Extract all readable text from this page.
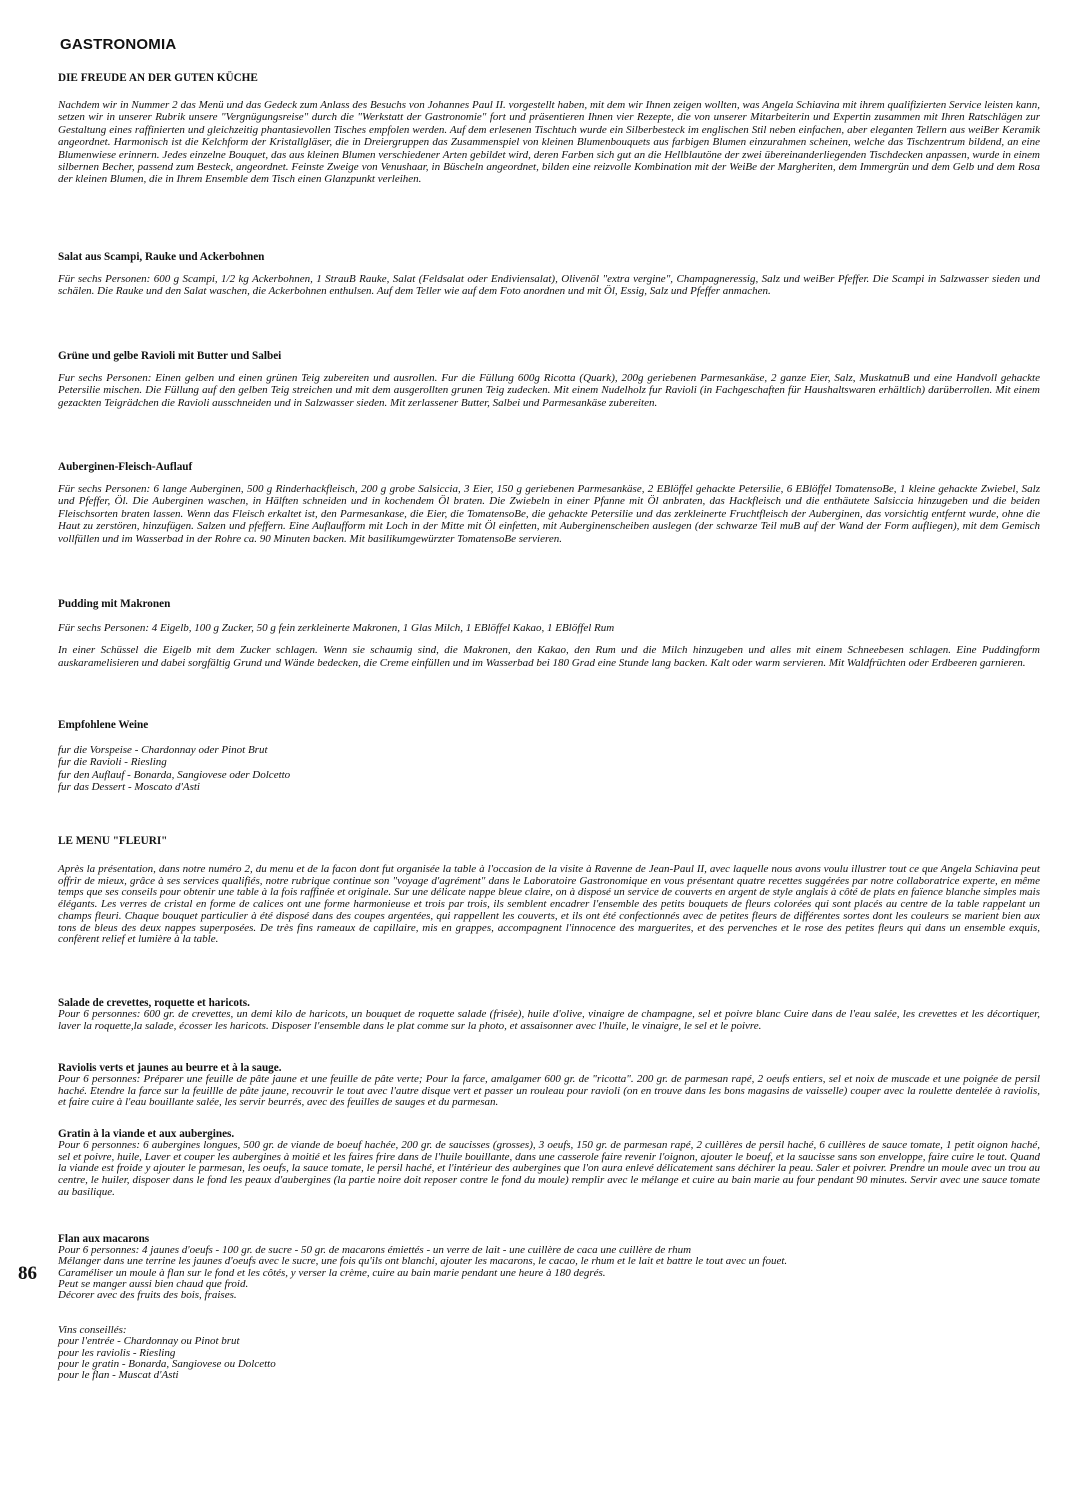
GASTRONOMIA
86
DIE FREUDE AN DER GUTEN KÜCHE

Nachdem wir in Nummer 2 das Menü und das Gedeck zum Anlass des Besuchs von Johannes Paul II. vorgestellt haben, mit dem wir Ihnen zeigen wollten, was Angela Schiavina mit ihrem qualifizierten Service leisten kann, setzen wir in unserer Rubrik unsere "Vergnügungsreise" durch die "Werkstatt der Gastronomie" fort und präsentieren Ihnen vier Rezepte, die von unserer Mitarbeiterin und Expertin zusammen mit Ihren Ratschlägen zur Gestaltung eines raffinierten und gleichzeitig phantasievollen Tisches empfolen werden. Auf dem erlesenen Tischtuch wurde ein Silberbesteck im englischen Stil neben einfachen, aber eleganten Tellern aus weiBer Keramik angeordnet. Harmonisch ist die Kelchform der Kristallgläser, die in Dreiergruppen das Zusammenspiel von kleinen Blumenbouquets aus farbigen Blumen einzurahmen scheinen, welche das Tischzentrum bildend, an eine Blumenwiese erinnern. Jedes einzelne Bouquet, das aus kleinen Blumen verschiedener Arten gebildet wird, deren Farben sich gut an die Hellblautöne der zwei übereinanderliegenden Tischdecken anpassen, wurde in einem silbernen Becher, passend zum Besteck, angeordnet. Feinste Zweige von Venushaar, in Büscheln angeordnet, bilden eine reizvolle Kombination mit der WeiBe der Margheriten, dem Immergrün und dem Gelb und dem Rosa der kleinen Blumen, die in Ihrem Ensemble dem Tisch einen Glanzpunkt verleihen.

Salat aus Scampi, Rauke und Ackerbohnen

Für sechs Personen: 600 g Scampi, 1/2 kg Ackerbohnen, 1 StrauB Rauke, Salat (Feldsalat oder Endiviensalat), Olivenöl "extra vergine", Champagneressig, Salz und weiBer Pfeffer. Die Scampi in Salzwasser sieden und schälen. Die Rauke und den Salat waschen, die Ackerbohnen enthulsen. Auf dem Teller wie auf dem Foto anordnen und mit Öl, Essig, Salz und Pfeffer anmachen.

Grüne und gelbe Ravioli mit Butter und Salbei

Fur sechs Personen: Einen gelben und einen grünen Teig zubereiten und ausrollen. Fur die Füllung 600g Ricotta (Quark), 200g geriebenen Parmesankäse, 2 ganze Eier, Salz, MuskatnuB und eine Handvoll gehackte Petersilie mischen. Die Füllung auf den gelben Teig streichen und mit dem ausgerollten grunen Teig zudecken. Mit einem Nudelholz fur Ravioli (in Fachgeschaften für Haushaltswaren erhältlich) darüberrollen. Mit einem gezackten Teigrädchen die Ravioli ausschneiden und in Salzwasser sieden. Mit zerlassener Butter, Salbei und Parmesankäse zubereiten.

Auberginen-Fleisch-Auflauf

Für sechs Personen: 6 lange Auberginen, 500 g Rinderhackfleisch, 200 g grobe Salsiccia, 3 Eier, 150 g geriebenen Parmesankäse, 2 EBlöffel gehackte Petersilie, 6 EBlöffel TomatensoBe, 1 kleine gehackte Zwiebel, Salz und Pfeffer, Öl. Die Auberginen waschen, in Hälften schneiden und in kochendem Öl braten. Die Zwiebeln in einer Pfanne mit Öl anbraten, das Hackfleisch und die enthäutete Salsiccia hinzugeben und die beiden Fleischsorten braten lassen. Wenn das Fleisch erkaltet ist, den Parmesankase, die Eier, die TomatensoBe, die gehackte Petersilie und das zerkleinerte Fruchtfleisch der Auberginen, das vorsichtig entfernt wurde, ohne die Haut zu zerstören, hinzufügen. Salzen und pfeffern. Eine Auflaufform mit Loch in der Mitte mit Öl einfetten, mit Auberginenscheiben auslegen (der schwarze Teil muB auf der Wand der Form aufliegen), mit dem Gemisch vollfüllen und im Wasserbad in der Rohre ca. 90 Minuten backen. Mit basilikumgewürzter TomatensoBe servieren.

Pudding mit Makronen

Für sechs Personen: 4 Eigelb, 100 g Zucker, 50 g fein zerkleinerte Makronen, 1 Glas Milch, 1 EBlöffel Kakao, 1 EBlöffel Rum

In einer Schüssel die Eigelb mit dem Zucker schlagen. Wenn sie schaumig sind, die Makronen, den Kakao, den Rum und die Milch hinzugeben und alles mit einem Schneebesen schlagen. Eine Puddingform auskaramelisieren und dabei sorgfältig Grund und Wände bedecken, die Creme einfüllen und im Wasserbad bei 180 Grad eine Stunde lang backen. Kalt oder warm servieren. Mit Waldfrüchten oder Erdbeeren garnieren.

Empfohlene Weine
fur die Vorspeise - Chardonnay oder Pinot Brut
fur die Ravioli - Riesling
fur den Auflauf - Bonarda, Sangiovese oder Dolcetto
fur das Dessert - Moscato d'Asti
LE MENU "FLEURI"

Après la présentation, dans notre numéro 2, du menu et de la facon dont fut organisée la table à l'occasion de la visite à Ravenne de Jean-Paul II, avec laquelle nous avons voulu illustrer tout ce que Angela Schiavina peut offrir de mieux, grâce à ses services qualifiés, notre rubrique continue son "voyage d'agrément" dans le Laboratoire Gastronomique en vous présentant quatre recettes suggérées par notre collaboratrice experte, en même temps que ses conseils pour obtenir une table à la fois raffinée et originale. Sur une délicate nappe bleue claire, on à disposé un service de couverts en argent de style anglais à côté de plats en faïence blanche simples mais élégants. Les verres de cristal en forme de calices ont une forme harmonieuse et trois par trois, ils semblent encadrer l'ensemble des petits bouquets de fleurs colorées qui sont placés au centre de la table rappelant un champs fleuri. Chaque bouquet particulier à été disposé dans des coupes argentées, qui rappellent les couverts, et ils ont été confectionnés avec de petites fleurs de différentes sortes dont les couleurs se marient bien aux tons de bleus des deux nappes superposées. De très fins rameaux de capillaire, mis en grappes, accompagnent l'innocence des marguerites, et des pervenches et le rose des petites fleurs qui dans un ensemble exquis, confèrent relief et lumière à la table.

Salade de crevettes, roquette et haricots.

Pour 6 personnes: 600 gr. de crevettes, un demi kilo de haricots, un bouquet de roquette salade (frisée), huile d'olive, vinaigre de champagne, sel et poivre blanc Cuire dans de l'eau salée, les crevettes et les décortiquer, laver la roquette,la salade, écosser les haricots. Disposer l'ensemble dans le plat comme sur la photo, et assaisonner avec l'huile, le vinaigre, le sel et le poivre.

Raviolis verts et jaunes au beurre et à la sauge.

Pour 6 personnes: Préparer une feuille de pâte jaune et une feuille de pâte verte; Pour la farce, amalgamer 600 gr. de "ricotta". 200 gr. de parmesan rapé, 2 oeufs entiers, sel et noix de muscade et une poignée de persil haché. Etendre la farce sur la feuillle de pâte jaune, recouvrir le tout avec l'autre disque vert et passer un rouleau pour ravioli (on en trouve dans les bons magasins de vaisselle) couper avec la roulette dentelée à raviolis, et faire cuire à l'eau bouillante salée, les servir beurrés, avec des feuilles de sauges et du parmesan.

Gratin à la viande et aux aubergines.

Pour 6 personnes: 6 aubergines longues, 500 gr. de viande de boeuf hachée, 200 gr. de saucisses (grosses), 3 oeufs, 150 gr. de parmesan rapé, 2 cuillères de persil haché, 6 cuillères de sauce tomate, 1 petit oignon haché, sel et poivre, huile, Laver et couper les aubergines à moitié et les faires frire dans de l'huile bouillante, dans une casserole faire revenir l'oignon, ajouter le boeuf, et la saucisse sans son enveloppe, faire cuire le tout. Quand la viande est froide y ajouter le parmesan, les oeufs, la sauce tomate, le persil haché, et l'intérieur des aubergines que l'on aura enlevé délicatement sans déchirer la peau. Saler et poivrer. Prendre un moule avec un trou au centre, le huiler, disposer dans le fond les peaux d'aubergines (la partie noire doit reposer contre le fond du moule) remplir avec le mélange et cuire au bain marie au four pendant 90 minutes. Servir avec une sauce tomate au basilique.

Flan aux macarons
Pour 6 personnes: 4 jaunes d'oeufs - 100 gr. de sucre - 50 gr. de macarons émiettés - un verre de lait - une cuillère de caca une cuillère de rhum
Mélanger dans une terrine les jaunes d'oeufs avec le sucre, une fois qu'ils ont blanchi, ajouter les macarons, le cacao, le rhum et le lait et battre le tout avec un fouet.
Caraméliser un moule à flan sur le fond et les côtés, y verser la crème, cuire au bain marie pendant une heure à 180 degrés.
Peut se manger aussi bien chaud que froid.
Décorer avec des fruits des bois, fraises.
Vins conseillés:
pour l'entrée - Chardonnay ou Pinot brut
pour les raviolis - Riesling
pour le gratin - Bonarda, Sangiovese ou Dolcetto
pour le flan - Muscat d'Asti
